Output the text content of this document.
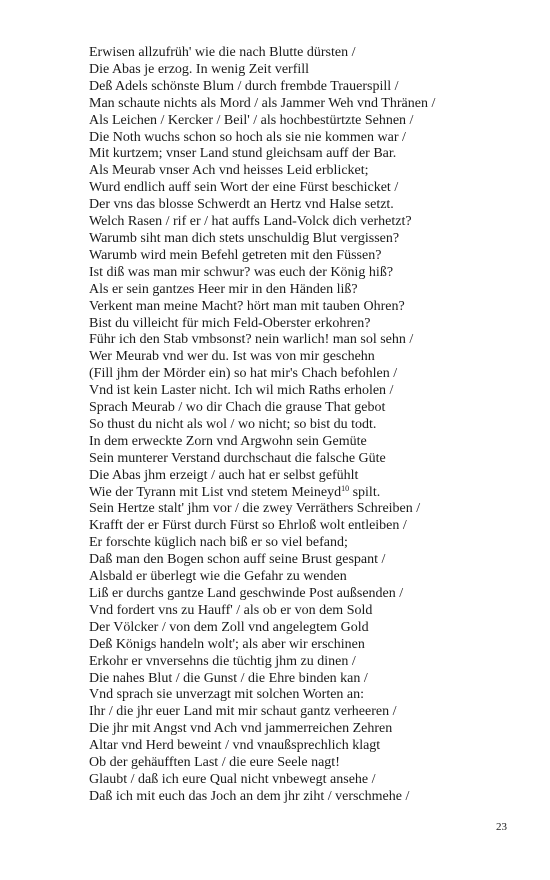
Erwisen allzufrüh' wie die nach Blutte dürsten /
Die Abas je erzog. In wenig Zeit verfill
Deß Adels schönste Blum / durch frembde Trauerspill /
Man schaute nichts als Mord / als Jammer Weh vnd Thränen /
Als Leichen / Kercker / Beil' / als hochbestürtzte Sehnen /
Die Noth wuchs schon so hoch als sie nie kommen war /
Mit kurtzem; vnser Land stund gleichsam auff der Bar.
Als Meurab vnser Ach vnd heisses Leid erblicket;
Wurd endlich auff sein Wort der eine Fürst beschicket /
Der vns das blosse Schwerdt an Hertz vnd Halse setzt.
Welch Rasen / rif er / hat auffs Land-Volck dich verhetzt?
Warumb siht man dich stets unschuldig Blut vergissen?
Warumb wird mein Befehl getreten mit den Füssen?
Ist diß was man mir schwur? was euch der König hiß?
Als er sein gantzes Heer mir in den Händen liß?
Verkent man meine Macht? hört man mit tauben Ohren?
Bist du villeicht für mich Feld-Oberster erkohren?
Führ ich den Stab vmbsonst? nein warlich! man sol sehn /
Wer Meurab vnd wer du. Ist was von mir geschehn
(Fill jhm der Mörder ein) so hat mir's Chach befohlen /
Vnd ist kein Laster nicht. Ich wil mich Raths erholen /
Sprach Meurab / wo dir Chach die grause That gebot
So thust du nicht als wol / wo nicht; so bist du todt.
In dem erweckte Zorn vnd Argwohn sein Gemüte
Sein munterer Verstand durchschaut die falsche Güte
Die Abas jhm erzeigt / auch hat er selbst gefühlt
Wie der Tyrann mit List vnd stetem Meineyd$^{10}$ spilt.
Sein Hertze stalt' jhm vor / die zwey Verräthers Schreiben /
Krafft der er Fürst durch Fürst so Ehrloß wolt entleiben /
Er forschte küglich nach biß er so viel befand;
Daß man den Bogen schon auff seine Brust gespant /
Alsbald er überlegt wie die Gefahr zu wenden
Liß er durchs gantze Land geschwinde Post außsenden /
Vnd fordert vns zu Hauff' / als ob er von dem Sold
Der Völcker / von dem Zoll vnd angelegtem Gold
Deß Königs handeln wolt'; als aber wir erschinen
Erkohr er vnversehns die tüchtig jhm zu dinen /
Die nahes Blut / die Gunst / die Ehre binden kan /
Vnd sprach sie unverzagt mit solchen Worten an:
Ihr / die jhr euer Land mit mir schaut gantz verheeren /
Die jhr mit Angst vnd Ach vnd jammerreichen Zehren
Altar vnd Herd beweint / vnd vnaußsprechlich klagt
Ob der gehäufften Last / die eure Seele nagt!
Glaubt / daß ich eure Qual nicht vnbewegt ansehe /
Daß ich mit euch das Joch an dem jhr ziht / verschmehe /
23
